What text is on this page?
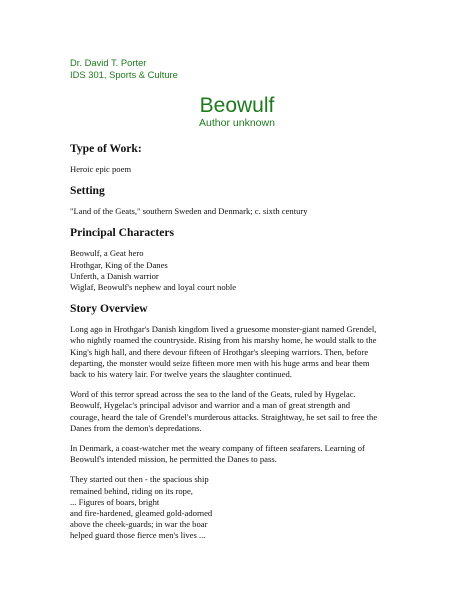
Dr. David T. Porter
IDS 301, Sports & Culture
Beowulf
Author unknown
Type of Work:

Heroic epic poem

Setting

"Land of the Geats," southern Sweden and Denmark; c. sixth century

Principal Characters

Beowulf, a Geat hero
Hrothgar, King of the Danes
Unferth, a Danish warrior
Wiglaf, Beowulf's nephew and loyal court noble

Story Overview

Long ago in Hrothgar's Danish kingdom lived a gruesome monster-giant named Grendel,
who nightly roamed the countryside. Rising from his marshy home, he would stalk to the
King's high hall, and there devour fifteen of Hrothgar's sleeping warriors. Then, before
departing, the monster would seize fifteen more men with his huge arms and bear them
back to his watery lair. For twelve years the slaughter continued.

Word of this terror spread across the sea to the land of the Geats, ruled by Hygelac.
Beowulf, Hygelac's principal advisor and warrior and a man of great strength and
courage, heard the tale of Grendel's murderous attacks. Straightway, he set sail to free the
Danes from the demon's depredations.

In Denmark, a coast-watcher met the weary company of fifteen seafarers. Learning of
Beowulf's intended mission, he permitted the Danes to pass.

They started out then - the spacious ship
remained behind, riding on its rope,
... Figures of boars, bright
and fire-hardened, gleamed gold-adorned
above the cheek-guards; in war the boar
helped guard those fierce men's lives ...
